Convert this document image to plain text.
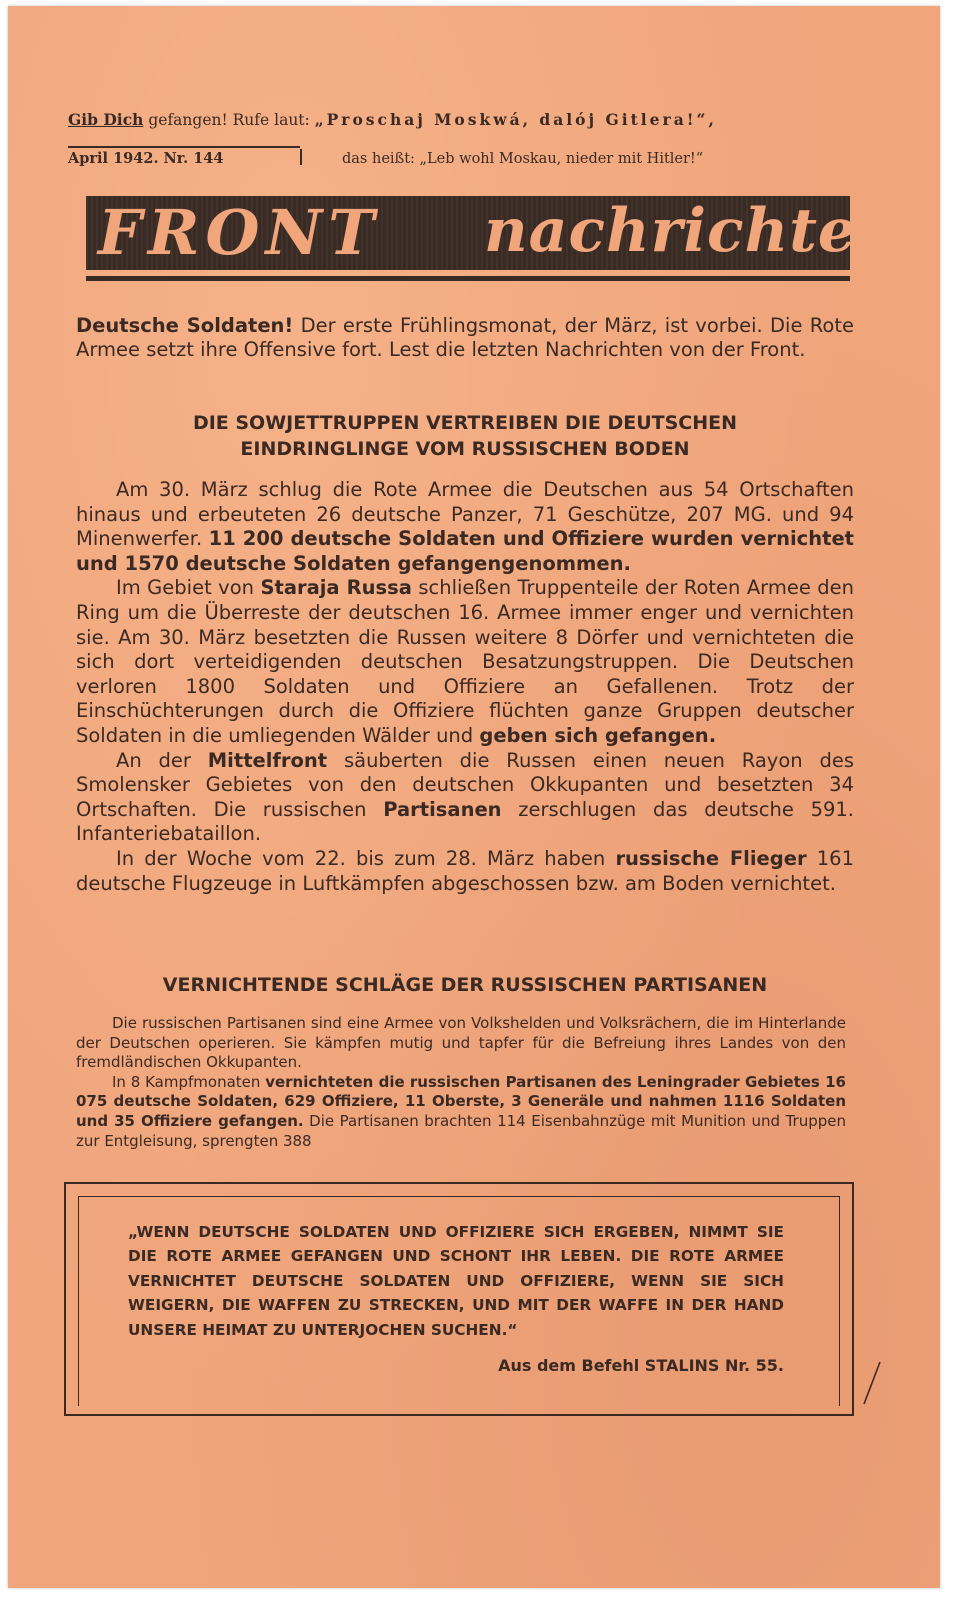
Gib Dich gefangen! Rufe laut: „Proschaj Moskwá, dalój Gitlera!“,
April 1942. Nr. 144	das heißt: „Leb wohl Moskau, nieder mit Hitler!“
FRONT nachrichten
Deutsche Soldaten! Der erste Frühlingsmonat, der März, ist vorbei. Die Rote Armee setzt ihre Offensive fort. Lest die letzten Nachrichten von der Front.
DIE SOWJETTRUPPEN VERTREIBEN DIE DEUTSCHEN
EINDRINGLINGE VOM RUSSISCHEN BODEN

Am 30. März schlug die Rote Armee die Deutschen aus 54 Ortschaften hinaus und erbeuteten 26 deutsche Panzer, 71 Geschütze, 207 MG. und 94 Minenwerfer. 11 200 deutsche Soldaten und Offiziere wurden vernichtet und 1570 deutsche Soldaten gefangengenommen.

Im Gebiet von Staraja Russa schließen Truppenteile der Roten Armee den Ring um die Überreste der deutschen 16. Armee immer enger und vernichten sie. Am 30. März besetzten die Russen weitere 8 Dörfer und vernichteten die sich dort verteidigenden deutschen Besatzungstruppen. Die Deutschen verloren 1800 Soldaten und Offiziere an Gefallenen. Trotz der Einschüchterungen durch die Offiziere flüchten ganze Gruppen deutscher Soldaten in die umliegenden Wälder und geben sich gefangen.

An der Mittelfront säuberten die Russen einen neuen Rayon des Smolensker Gebietes von den deutschen Okkupanten und besetzten 34 Ortschaften. Die russischen Partisanen zerschlugen das deutsche 591. Infanteriebataillon.

In der Woche vom 22. bis zum 28. März haben russische Flieger 161 deutsche Flugzeuge in Luftkämpfen abgeschossen bzw. am Boden vernichtet.

VERNICHTENDE SCHLÄGE DER RUSSISCHEN PARTISANEN

Die russischen Partisanen sind eine Armee von Volkshelden und Volksrächern, die im Hinterlande der Deutschen operieren. Sie kämpfen mutig und tapfer für die Befreiung ihres Landes von den fremdländischen Okkupanten.

In 8 Kampfmonaten vernichteten die russischen Partisanen des Leningrader Gebietes 16 075 deutsche Soldaten, 629 Offiziere, 11 Oberste, 3 Generäle und nahmen 1116 Soldaten und 35 Offiziere gefangen. Die Partisanen brachten 114 Eisenbahnzüge mit Munition und Truppen zur Entgleisung, sprengten 388

„WENN DEUTSCHE SOLDATEN UND OFFIZIERE SICH ERGEBEN, NIMMT SIE DIE ROTE ARMEE GEFANGEN UND SCHONT IHR LEBEN. DIE ROTE ARMEE VERNICHTET DEUTSCHE SOLDATEN UND OFFIZIERE, WENN SIE SICH WEIGERN, DIE WAFFEN ZU STRECKEN, UND MIT DER WAFFE IN DER HAND UNSERE HEIMAT ZU UNTERJOCHEN SUCHEN.“
Aus dem Befehl STALINS Nr. 55.
